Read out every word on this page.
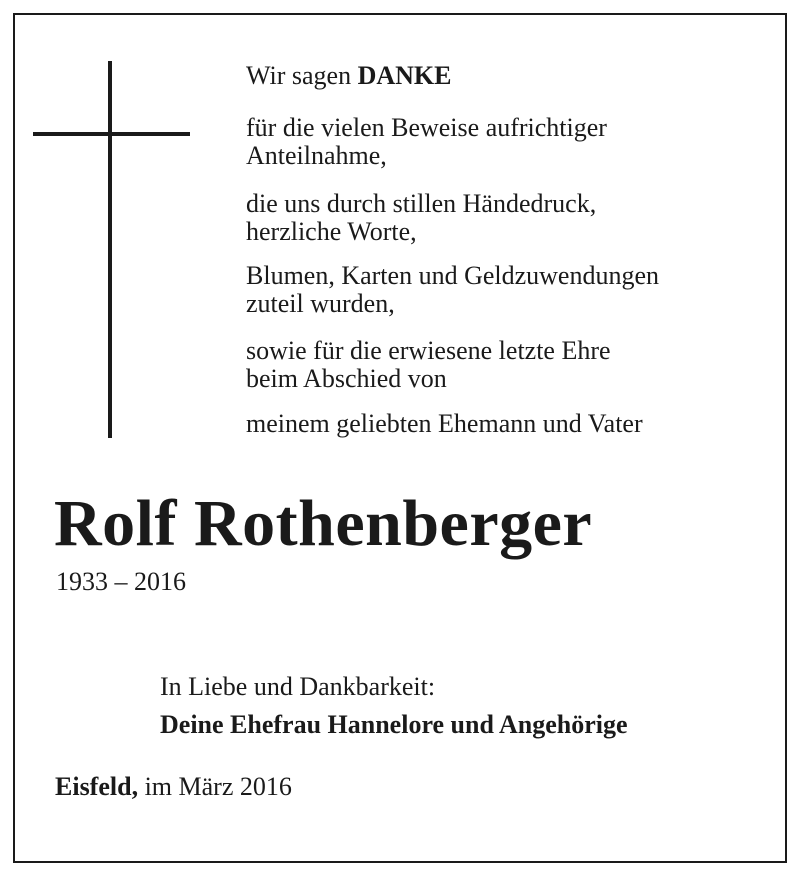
Wir sagen DANKE
für die vielen Beweise aufrichtiger
Anteilnahme,
die uns durch stillen Händedruck,
herzliche Worte,
Blumen, Karten und Geldzuwendungen
zuteil wurden,
sowie für die erwiesene letzte Ehre
beim Abschied von
meinem geliebten Ehemann und Vater
Rolf Rothenberger
1933 – 2016
In Liebe und Dankbarkeit:
Deine Ehefrau Hannelore und Angehörige
Eisfeld, im März 2016
